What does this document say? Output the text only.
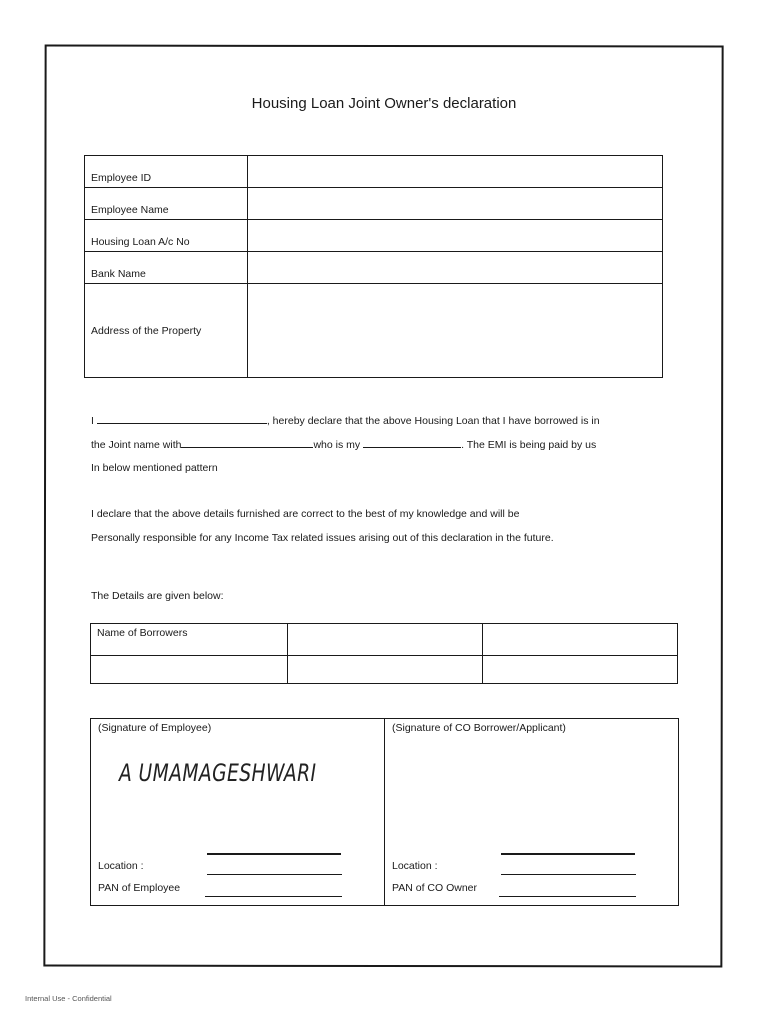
Housing Loan Joint Owner's declaration
Employee ID	
Employee Name	
Housing Loan A/c No	
Bank Name	
Address of the Property	
I	, hereby declare that the above Housing Loan that I have borrowed is in
the Joint name with	who is my	. The EMI is being paid by us
In below mentioned pattern
I declare that the above details furnished are correct to the best of my knowledge and will be
Personally responsible for any Income Tax related issues arising out of this declaration in the future.
The Details are given below:
Name of Borrowers		

(Signature of Employee)
A UMAMAGESHWARI
Location :
PAN of Employee
(Signature of CO Borrower/Applicant)
Location :
PAN of CO Owner
Internal Use - Confidential
